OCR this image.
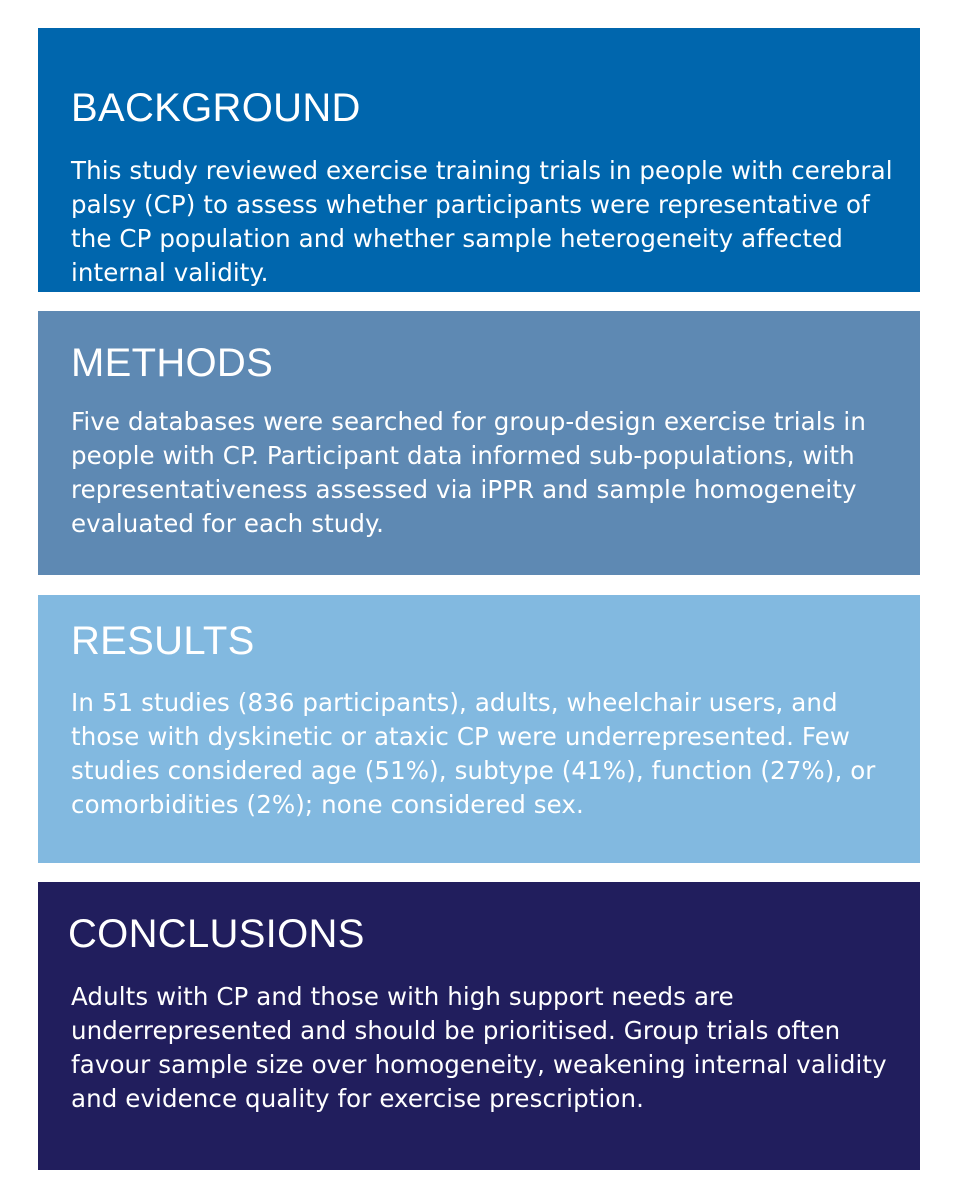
BACKGROUND

This study reviewed exercise training trials in people with cerebral palsy (CP) to assess whether participants were representative of the CP population and whether sample heterogeneity affected internal validity.

METHODS

Five databases were searched for group-design exercise trials in people with CP. Participant data informed sub-populations, with representativeness assessed via iPPR and sample homogeneity evaluated for each study.

RESULTS

In 51 studies (836 participants), adults, wheelchair users, and those with dyskinetic or ataxic CP were underrepresented. Few studies considered age (51%), subtype (41%), function (27%), or comorbidities (2%); none considered sex.

CONCLUSIONS

Adults with CP and those with high support needs are underrepresented and should be prioritised. Group trials often favour sample size over homogeneity, weakening internal validity and evidence quality for exercise prescription.
